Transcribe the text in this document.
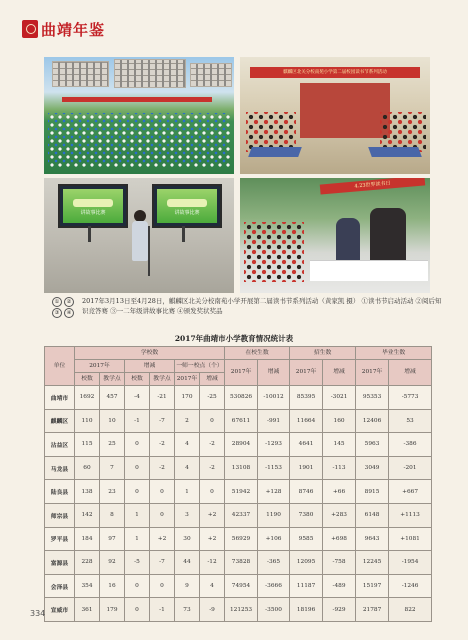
曲靖年鉴
麒麟区北关分校南苑小学第二届校园读书节系列活动
讲故事比赛	讲故事比赛
4.23世界读书日
① ②
③ ④
2017年3月13日至4月28日，麒麟区北关分校南苑小学开展第二届读书节系列活动（黄家凯 摄） ①读书节启动活动 ②阅后知识竞答赛 ③一二年级讲故事比赛 ④颁发奖状奖品
2017年曲靖市小学教育情况统计表
单位	学校数						在校生数		招生数		毕业生数	
	2017年		增减		一师一校点（个）		2017年	增减	2017年	增减	2017年	增减
	校数	教学点	校数	教学点	2017年	增减						
曲靖市	1692	457	-4	-21	170	-25	530826	-10012	85395	-3021	95353	-5773
麒麟区	110	10	-1	-7	2	0	67611	-991	11664	160	12406	53
沾益区	115	25	0	-2	4	-2	28904	-1293	4641	145	5963	-386
马龙县	60	7	0	-2	4	-2	13108	-1153	1901	-113	3049	-201
陆良县	138	23	0	0	1	0	51942	+128	8746	+66	8915	+667
师宗县	142	8	1	0	3	+2	42337	1190	7380	+283	6148	+1113
罗平县	184	97	1	+2	30	+2	56929	+106	9585	+698	9643	+1081
富源县	228	92	-5	-7	44	-12	73828	-365	12095	-758	12245	-1954
会泽县	354	16	0	0	9	4	74954	-3666	11187	-489	15197	-1246
宣威市	361	179	0	-1	73	-9	121253	-3500	18196	-929	21787	822
334
